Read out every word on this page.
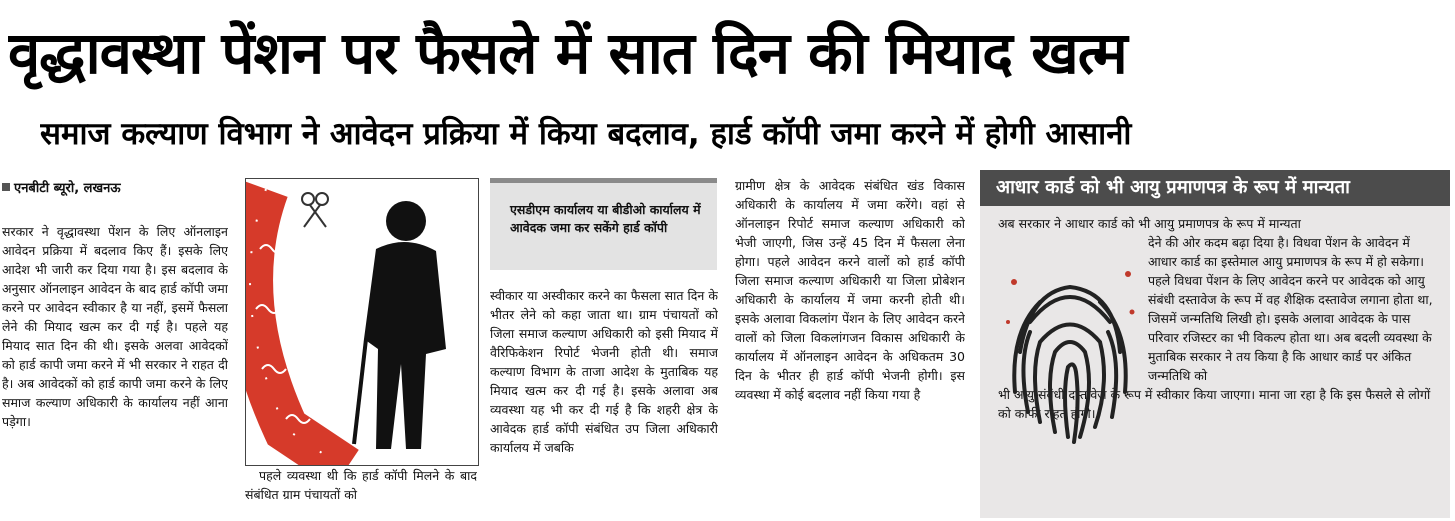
वृद्धावस्था पेंशन पर फैसले में सात दिन की मियाद खत्म
समाज कल्याण विभाग ने आवेदन प्रक्रिया में किया बदलाव, हार्ड कॉपी जमा करने में होगी आसानी
एनबीटी ब्यूरो, लखनऊ
सरकार ने वृद्धावस्था पेंशन के लिए ऑनलाइन आवेदन प्रक्रिया में बदलाव किए हैं। इसके लिए आदेश भी जारी कर दिया गया है। इस बदलाव के अनुसार ऑनलाइन आवेदन के बाद हार्ड कॉपी जमा करने पर आवेदन स्वीकार है या नहीं, इसमें फैसला लेने की मियाद खत्म कर दी गई है। पहले यह मियाद सात दिन की थी। इसके अलवा आवेदकों को हार्ड कापी जमा करने में भी सरकार ने राहत दी है। अब आवेदकों को हार्ड कापी जमा करने के लिए समाज कल्याण अधिकारी के कार्यालय नहीं आना पड़ेगा।
पहले व्यवस्था थी कि हार्ड कॉपी मिलने के बाद संबंधित ग्राम पंचायतों को
एसडीएम कार्यालय या बीडीओ कार्यालय में आवेदक जमा कर सकेंगे हार्ड कॉपी
स्वीकार या अस्वीकार करने का फैसला सात दिन के भीतर लेने को कहा जाता था। ग्राम पंचायतों को जिला समाज कल्याण अधिकारी को इसी मियाद में वैरिफिकेशन रिपोर्ट भेजनी होती थी। समाज कल्याण विभाग के ताजा आदेश के मुताबिक यह मियाद खत्म कर दी गई है। इसके अलावा अब व्यवस्था यह भी कर दी गई है कि शहरी क्षेत्र के आवेदक हार्ड कॉपी संबंधित उप जिला अधिकारी कार्यालय में जबकि
ग्रामीण क्षेत्र के आवेदक संबंधित खंड विकास अधिकारी के कार्यालय में जमा करेंगे। वहां से ऑनलाइन रिपोर्ट समाज कल्याण अधिकारी को भेजी जाएगी, जिस उन्हें 45 दिन में फैसला लेना होगा। पहले आवेदन करने वालों को हार्ड कॉपी जिला समाज कल्याण अधिकारी या जिला प्रोबेशन अधिकारी के कार्यालय में जमा करनी होती थी। इसके अलावा विकलांग पेंशन के लिए आवेदन करने वालों को जिला विकलांगजन विकास अधिकारी के कार्यालय में ऑनलाइन आवेदन के अधिकतम 30 दिन के भीतर ही हार्ड कॉपी भेजनी होगी। इस व्यवस्था में कोई बदलाव नहीं किया गया है
आधार कार्ड को भी आयु प्रमाणपत्र के रूप में मान्यता
अब सरकार ने आधार कार्ड को भी आयु प्रमाणपत्र के रूप में मान्यता
देने की ओर कदम बढ़ा दिया है। विधवा पेंशन के आवेदन में आधार कार्ड का इस्तेमाल आयु प्रमाणपत्र के रूप में हो सकेगा। पहले विधवा पेंशन के लिए आवेदन करने पर आवेदक को आयु संबंधी दस्तावेज के रूप में वह शैक्षिक दस्तावेज लगाना होता था, जिसमें जन्मतिथि लिखी हो। इसके अलावा आवेदक के पास परिवार रजिस्टर का भी विकल्प होता था। अब बदली व्यवस्था के मुताबिक सरकार ने तय किया है कि आधार कार्ड पर अंकित जन्मतिथि को
भी आयु संबंधी दस्तावेज के रूप में स्वीकार किया जाएगा। माना जा रहा है कि इस फैसले से लोगों को काफी राहत होगी।
